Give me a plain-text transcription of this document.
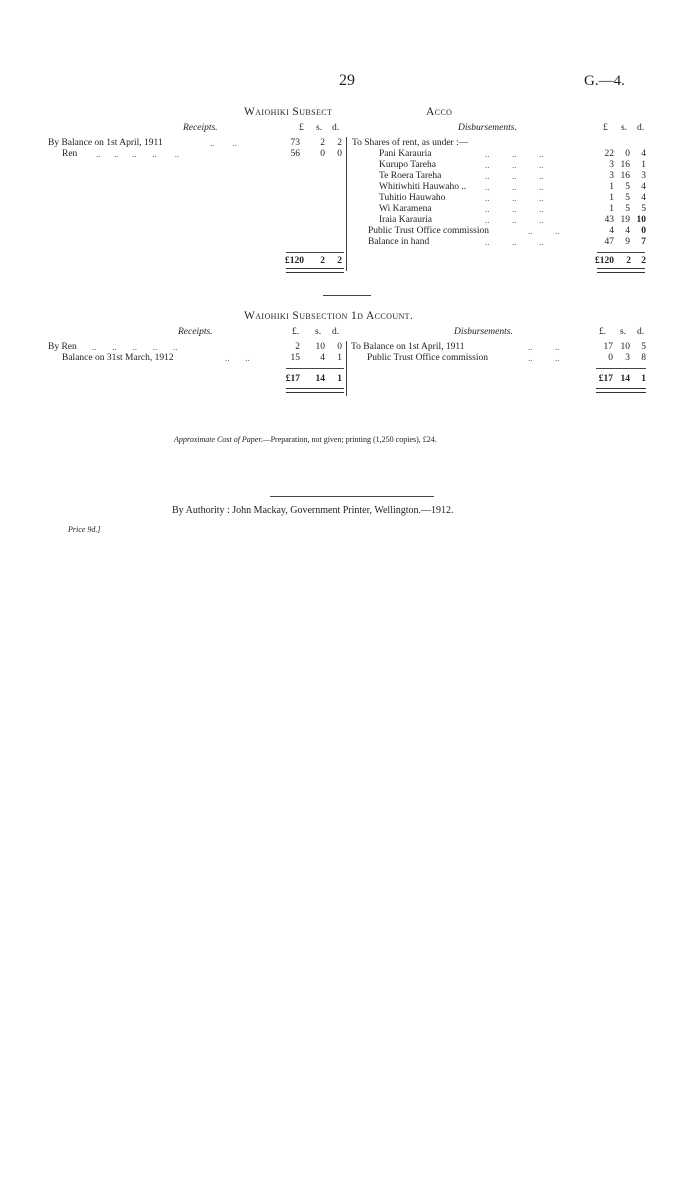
29	G.—4.
Waiohiki Subsect	Acco
Receipts.	£ s. d.	Disbursements.	£ s. d.
By Balance on 1st April, 1911	..        ..	73	2	2
Ren ..      ..      ..       ..        ..	56	0	0
To Shares of rent, as under :—
Pani Karauria	..          ..          ..	22	0	4
Kurupo Tareha	..          ..          ..	3 16	1
Te Roera Tareha	..          ..          ..	3 16	3
Whitiwhiti Hauwaho .. ..          ..          ..	1	5	4
Tuhitio Hauwaho	..          ..          ..	1	5	4
Wi Karamena	..          ..          ..	1	5	5
Iraia Karauria	..          ..          ..	43 19 10
Public Trust Office commission	..          ..	4	4	0
Balance in hand	..          ..          ..	47	9	7
£120	2	2	£120	2	2
Waiohiki Subsection 1d Account.
Receipts.	£. s. d.	Disbursements.	£. s. d.
By Ren ..       ..       ..       ..       ..	2	10	0
Balance on 31st March, 1912	..       ..	15	4	1
To Balance on 1st April, 1911	..          ..	17 10	5
Public Trust Office commission	..          ..	0	3	8
£17	14	1	£17 14	1
Approximate Cost of Paper.—Preparation, not given; printing (1,250 copies), £24.
By Authority : John Mackay, Government Printer, Wellington.—1912.
Price 9d.]
